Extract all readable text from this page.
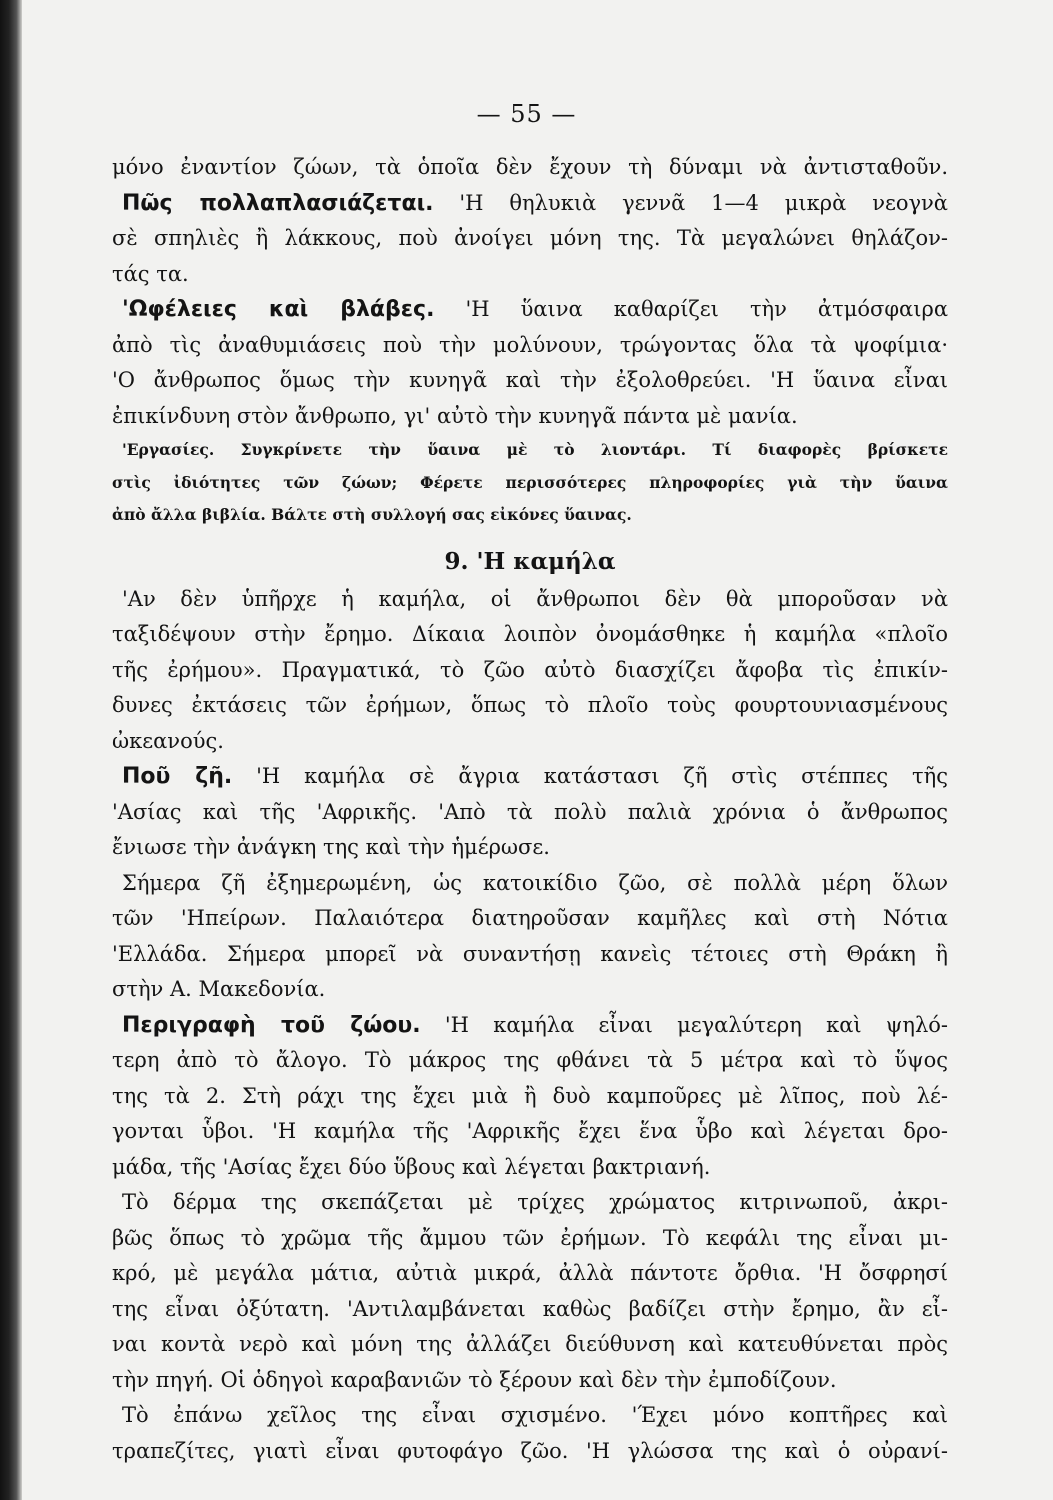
— 55 —
μόνο ἐναντίον ζώων, τὰ ὁποῖα δὲν ἔχουν τὴ δύναμι νὰ ἀντισταθοῦν.
Πῶς πολλαπλασιάζεται. 'Η θηλυκιὰ γεννᾶ 1—4 μικρὰ νεογνὰ
σὲ σπηλιὲς ἢ λάκκους, ποὺ ἀνοίγει μόνη της. Τὰ μεγαλώνει θηλάζον-
τάς τα.
'Ωφέλειες καὶ βλάβες. 'Η ὕαινα καθαρίζει τὴν ἀτμόσφαιρα
ἀπὸ τὶς ἀναθυμιάσεις ποὺ τὴν μολύνουν, τρώγοντας ὅλα τὰ ψοφίμια·
'Ο ἄνθρωπος ὅμως τὴν κυνηγᾶ καὶ τὴν ἐξολοθρεύει. 'Η ὕαινα εἶναι
ἐπικίνδυνη στὸν ἄνθρωπο, γι' αὐτὸ τὴν κυνηγᾶ πάντα μὲ μανία.
'Εργασίες. Συγκρίνετε τὴν ὕαινα μὲ τὸ λιοντάρι. Τί διαφορὲς βρίσκετε
στὶς ἰδιότητες τῶν ζώων; Φέρετε περισσότερες πληροφορίες γιὰ τὴν ὕαινα
ἀπὸ ἄλλα βιβλία. Βάλτε στὴ συλλογή σας εἰκόνες ὕαινας.
9. 'Η καμήλα
'Αν δὲν ὑπῆρχε ἡ καμήλα, οἱ ἄνθρωποι δὲν θὰ μποροῦσαν νὰ
ταξιδέψουν στὴν ἔρημο. Δίκαια λοιπὸν ὀνομάσθηκε ἡ καμήλα «πλοῖο
τῆς ἐρήμου». Πραγματικά, τὸ ζῶο αὐτὸ διασχίζει ἄφοβα τὶς ἐπικίν-
δυνες ἐκτάσεις τῶν ἐρήμων, ὅπως τὸ πλοῖο τοὺς φουρτουνιασμένους
ὠκεανούς.
Ποῦ ζῆ. 'Η καμήλα σὲ ἄγρια κατάστασι ζῆ στὶς στέππες τῆς
'Ασίας καὶ τῆς 'Αφρικῆς. 'Απὸ τὰ πολὺ παλιὰ χρόνια ὁ ἄνθρωπος
ἔνιωσε τὴν ἀνάγκη της καὶ τὴν ἡμέρωσε.
Σήμερα ζῆ ἐξημερωμένη, ὡς κατοικίδιο ζῶο, σὲ πολλὰ μέρη ὅλων
τῶν 'Ηπείρων. Παλαιότερα διατηροῦσαν καμῆλες καὶ στὴ Νότια
'Ελλάδα. Σήμερα μπορεῖ νὰ συναντήσῃ κανεὶς τέτοιες στὴ Θράκη ἢ
στὴν Α. Μακεδονία.
Περιγραφὴ τοῦ ζώου. 'Η καμήλα εἶναι μεγαλύτερη καὶ ψηλό-
τερη ἀπὸ τὸ ἄλογο. Τὸ μάκρος της φθάνει τὰ 5 μέτρα καὶ τὸ ὕψος
της τὰ 2. Στὴ ράχι της ἔχει μιὰ ἢ δυὸ καμποῦρες μὲ λῖπος, ποὺ λέ-
γονται ὗβοι. 'Η καμήλα τῆς 'Αφρικῆς ἔχει ἕνα ὗβο καὶ λέγεται δρο-
μάδα, τῆς 'Ασίας ἔχει δύο ὕβους καὶ λέγεται βακτριανή.
Τὸ δέρμα της σκεπάζεται μὲ τρίχες χρώματος κιτρινωποῦ, ἀκρι-
βῶς ὅπως τὸ χρῶμα τῆς ἄμμου τῶν ἐρήμων. Τὸ κεφάλι της εἶναι μι-
κρό, μὲ μεγάλα μάτια, αὐτιὰ μικρά, ἀλλὰ πάντοτε ὄρθια. 'Η ὄσφρησί
της εἶναι ὀξύτατη. 'Αντιλαμβάνεται καθὼς βαδίζει στὴν ἔρημο, ἂν εἶ-
ναι κοντὰ νερὸ καὶ μόνη της ἀλλάζει διεύθυνση καὶ κατευθύνεται πρὸς
τὴν πηγή. Οἱ ὁδηγοὶ καραβανιῶν τὸ ξέρουν καὶ δὲν τὴν ἐμποδίζουν.
Τὸ ἐπάνω χεῖλος της εἶναι σχισμένο. 'Έχει μόνο κοπτῆρες καὶ
τραπεζίτες, γιατὶ εἶναι φυτοφάγο ζῶο. 'Η γλώσσα της καὶ ὁ οὐρανί-
